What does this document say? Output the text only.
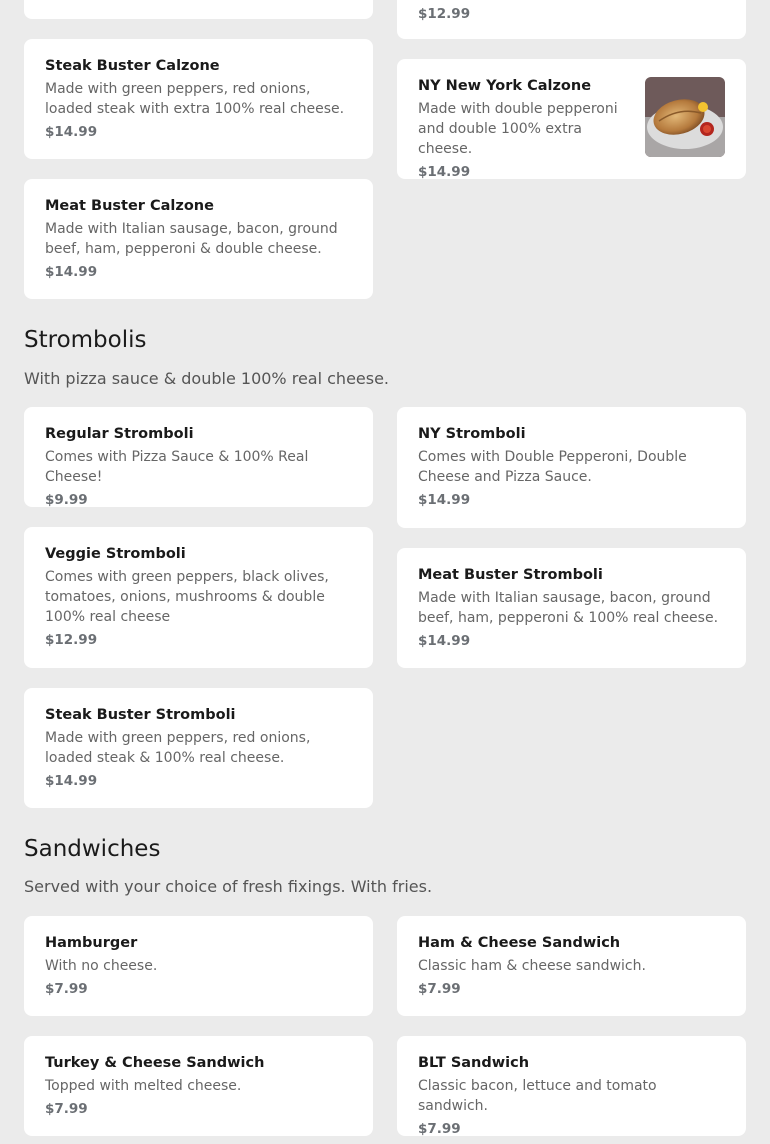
$12.99
Steak Buster Calzone
Made with green peppers, red onions, loaded steak with extra 100% real cheese.
$14.99
NY New York Calzone
Made with double pepperoni and double 100% extra cheese.
$14.99
Meat Buster Calzone
Made with Italian sausage, bacon, ground beef, ham, pepperoni & double cheese.
$14.99
Strombolis
With pizza sauce & double 100% real cheese.
Regular Stromboli
Comes with Pizza Sauce & 100% Real Cheese!
$9.99
NY Stromboli
Comes with Double Pepperoni, Double Cheese and Pizza Sauce.
$14.99
Veggie Stromboli
Comes with green peppers, black olives, tomatoes, onions, mushrooms & double 100% real cheese
$12.99
Meat Buster Stromboli
Made with Italian sausage, bacon, ground beef, ham, pepperoni & 100% real cheese.
$14.99
Steak Buster Stromboli
Made with green peppers, red onions, loaded steak & 100% real cheese.
$14.99
Sandwiches
Served with your choice of fresh fixings. With fries.
Hamburger
With no cheese.
$7.99
Ham & Cheese Sandwich
Classic ham & cheese sandwich.
$7.99
Turkey & Cheese Sandwich
Topped with melted cheese.
$7.99
BLT Sandwich
Classic bacon, lettuce and tomato sandwich.
$7.99
